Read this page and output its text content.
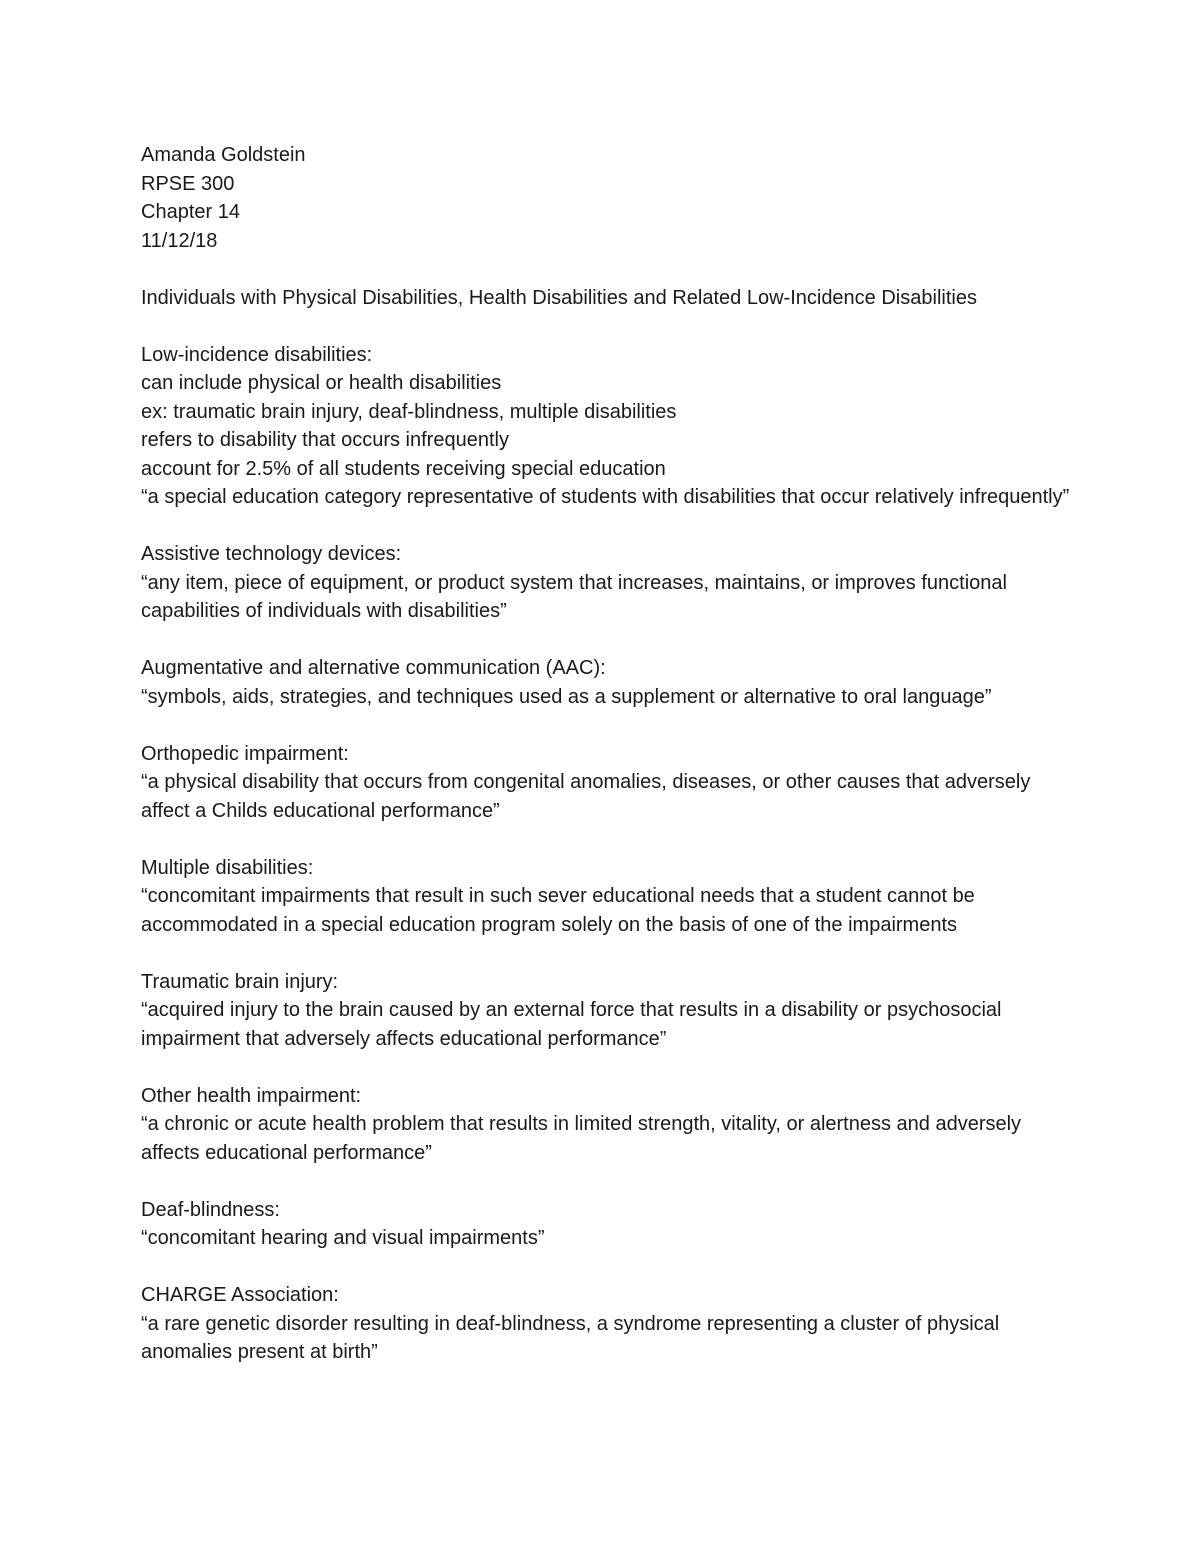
Amanda Goldstein
RPSE 300
Chapter 14
11/12/18
Individuals with Physical Disabilities, Health Disabilities and Related Low-Incidence Disabilities
Low-incidence disabilities:
can include physical or health disabilities
ex: traumatic brain injury, deaf-blindness, multiple disabilities
refers to disability that occurs infrequently
account for 2.5% of all students receiving special education

“a special education category representative of students with disabilities that occur relatively infrequently”

Assistive technology devices:

“any item, piece of equipment, or product system that increases, maintains, or improves functional capabilities of individuals with disabilities”

Augmentative and alternative communication (AAC):

“symbols, aids, strategies, and techniques used as a supplement or alternative to oral language”

Orthopedic impairment:

“a physical disability that occurs from congenital anomalies, diseases, or other causes that adversely affect a Childs educational performance”

Multiple disabilities:

“concomitant impairments that result in such sever educational needs that a student cannot be accommodated in a special education program solely on the basis of one of the impairments

Traumatic brain injury:

“acquired injury to the brain caused by an external force that results in a disability or psychosocial impairment that adversely affects educational performance”

Other health impairment:

“a chronic or acute health problem that results in limited strength, vitality, or alertness and adversely affects educational performance”

Deaf-blindness:

“concomitant hearing and visual impairments”

CHARGE Association:

“a rare genetic disorder resulting in deaf-blindness, a syndrome representing a cluster of physical anomalies present at birth”
